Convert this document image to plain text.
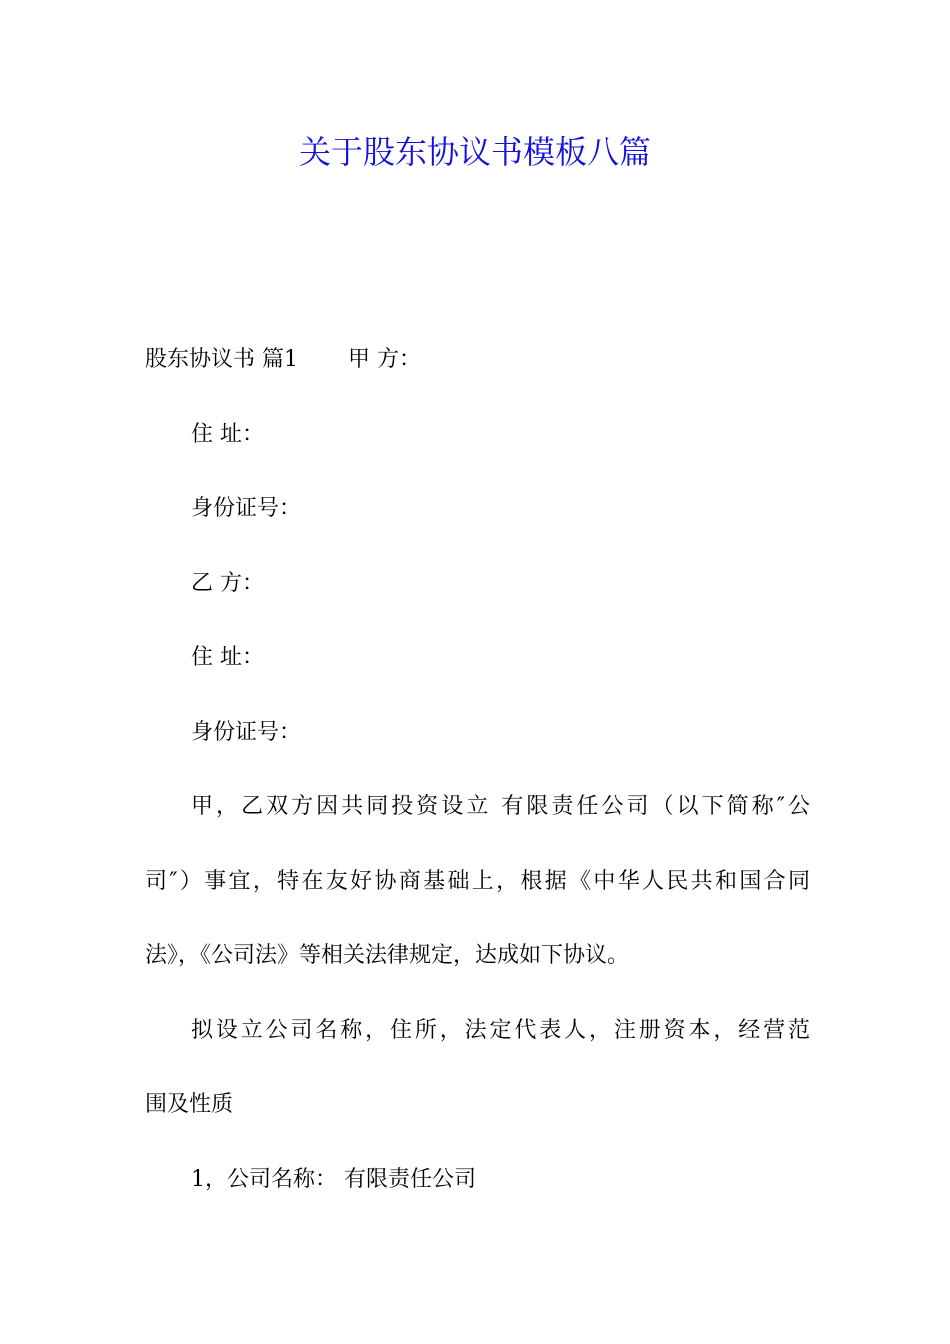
关于股东协议书模板八篇
股东协议书 篇1 甲 方：
住 址：
身份证号：
乙 方：
住 址：
身份证号：
甲，乙双方因共同投资设立 有限责任公司（以下简称″公
司″）事宜，特在友好协商基础上，根据《中华人民共和国合同
法》，《公司法》等相关法律规定，达成如下协议。
拟设立公司名称，住所，法定代表人，注册资本，经营范
围及性质
1，公司名称： 有限责任公司
